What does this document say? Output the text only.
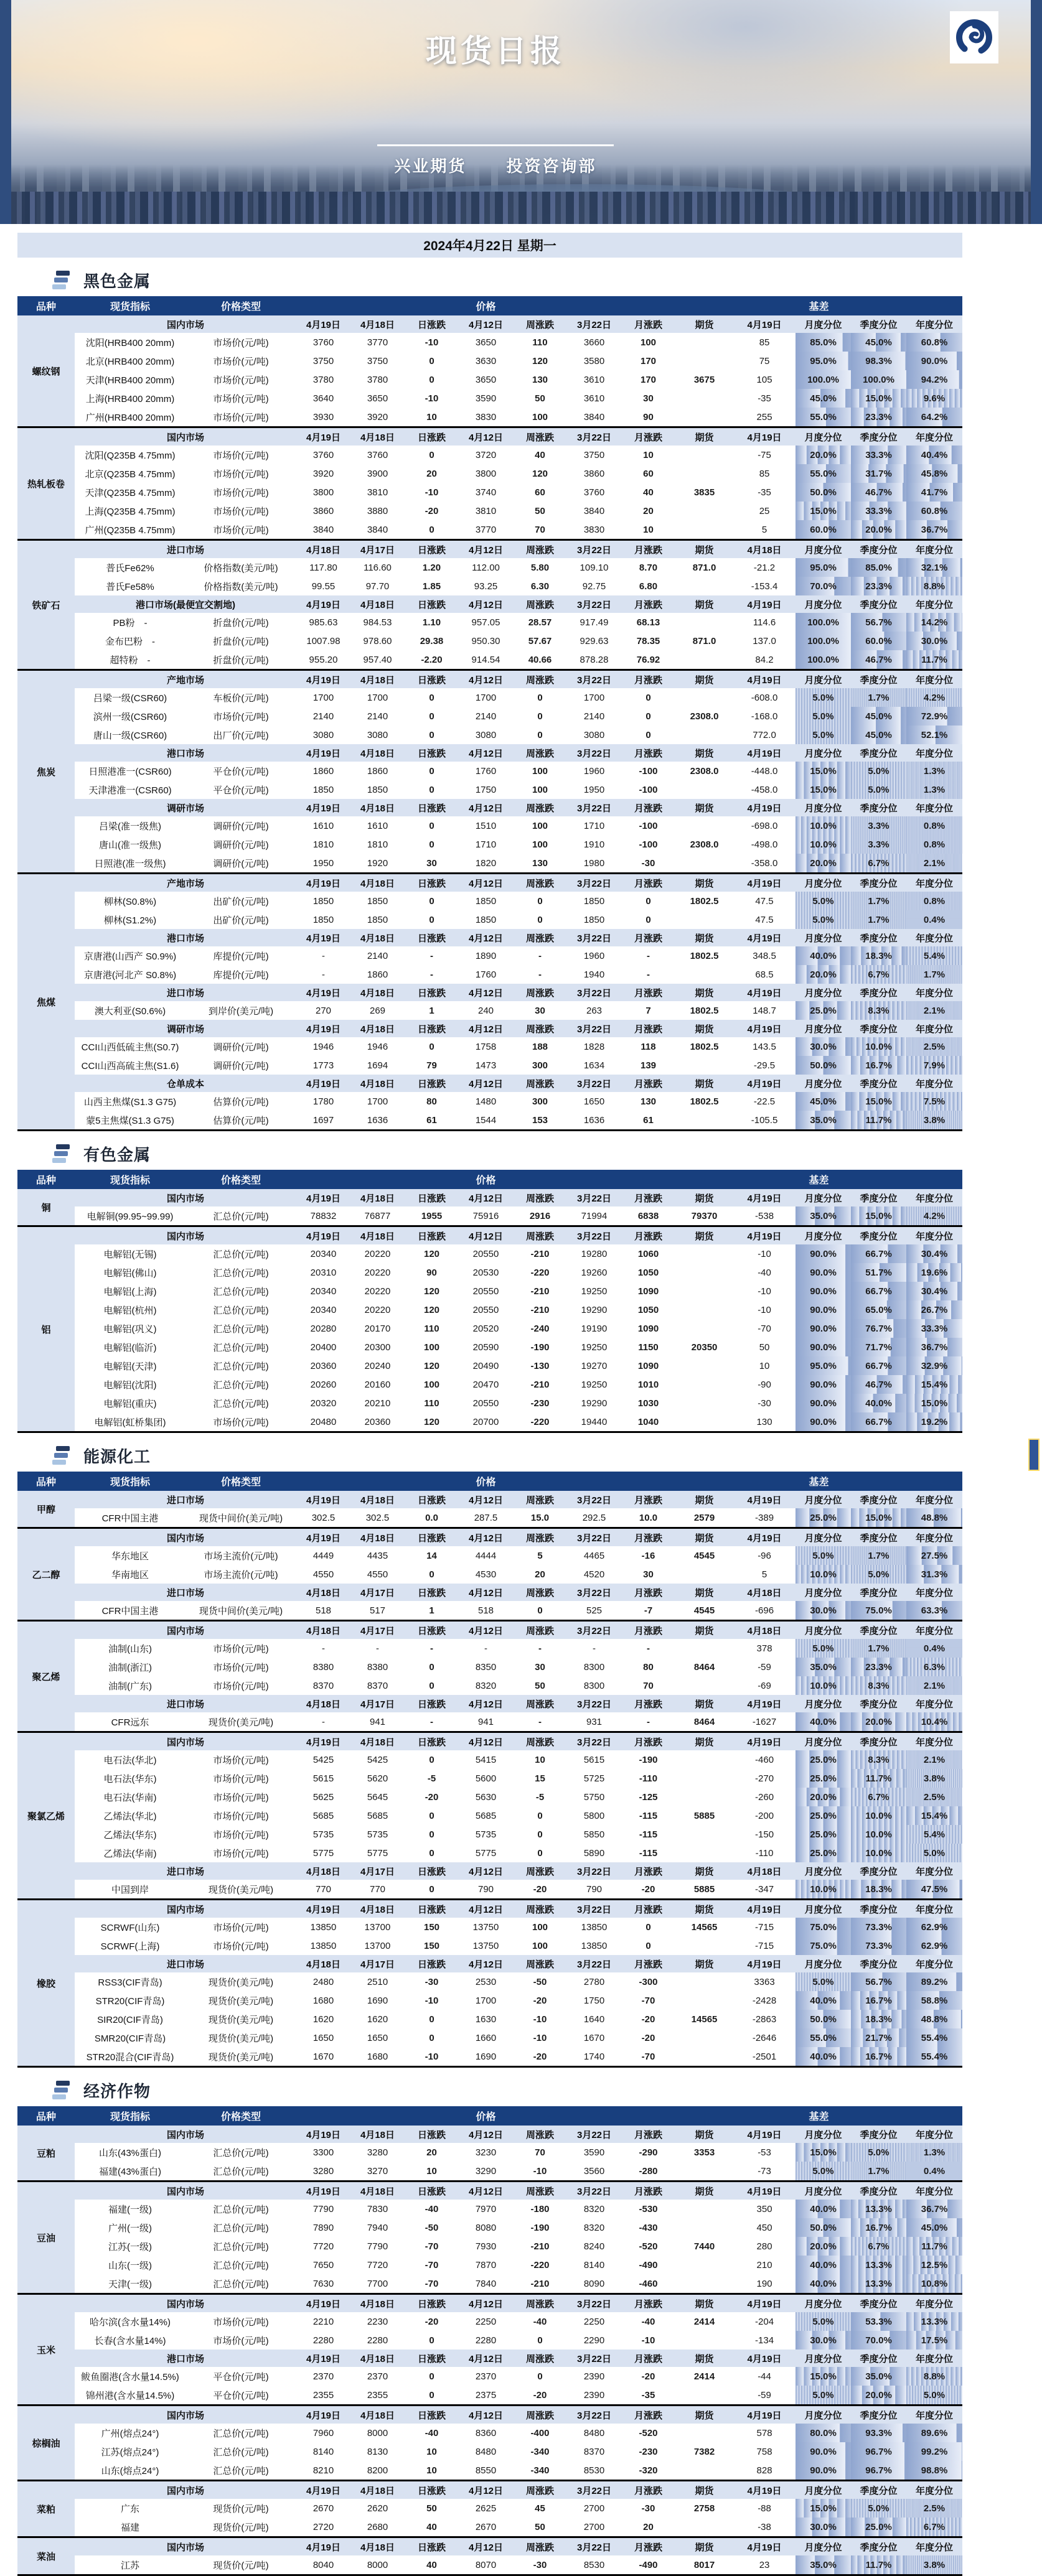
现货日报
兴业期货 投资咨询部
2024年4月22日 星期一
黑色金属
品种	现货指标	价格类型	价格							基差				
螺纹钢	国内市场		4月19日	4月18日	日涨跌	4月12日	周涨跌	3月22日	月涨跌	期货	4月19日	月度分位	季度分位	年度分位
	沈阳(HRB400 20mm)	市场价(元/吨)	3760	3770	-10	3650	110	3660	100		85	85.0%	45.0%	60.8%
	北京(HRB400 20mm)	市场价(元/吨)	3750	3750	0	3630	120	3580	170		75	95.0%	98.3%	90.0%
	天津(HRB400 20mm)	市场价(元/吨)	3780	3780	0	3650	130	3610	170	3675	105	100.0%	100.0%	94.2%
	上海(HRB400 20mm)	市场价(元/吨)	3640	3650	-10	3590	50	3610	30		-35	45.0%	15.0%	9.6%
	广州(HRB400 20mm)	市场价(元/吨)	3930	3920	10	3830	100	3840	90		255	55.0%	23.3%	64.2%
热轧板卷	国内市场		4月19日	4月18日	日涨跌	4月12日	周涨跌	3月22日	月涨跌	期货	4月19日	月度分位	季度分位	年度分位
	沈阳(Q235B 4.75mm)	市场价(元/吨)	3760	3760	0	3720	40	3750	10		-75	20.0%	33.3%	40.4%
	北京(Q235B 4.75mm)	市场价(元/吨)	3920	3900	20	3800	120	3860	60		85	55.0%	31.7%	45.8%
	天津(Q235B 4.75mm)	市场价(元/吨)	3800	3810	-10	3740	60	3760	40	3835	-35	50.0%	46.7%	41.7%
	上海(Q235B 4.75mm)	市场价(元/吨)	3860	3880	-20	3810	50	3840	20		25	15.0%	33.3%	60.8%
	广州(Q235B 4.75mm)	市场价(元/吨)	3840	3840	0	3770	70	3830	10		5	60.0%	20.0%	36.7%
铁矿石	进口市场		4月18日	4月17日	日涨跌	4月12日	周涨跌	3月22日	月涨跌	期货	4月18日	月度分位	季度分位	年度分位
	普氏Fe62%	价格指数(美元/吨)	117.80	116.60	1.20	112.00	5.80	109.10	8.70	871.0	-21.2	95.0%	85.0%	32.1%
	普氏Fe58%	价格指数(美元/吨)	99.55	97.70	1.85	93.25	6.30	92.75	6.80		-153.4	70.0%	23.3%	8.8%
	港口市场(最便宜交割地)		4月19日	4月18日	日涨跌	4月12日	周涨跌	3月22日	月涨跌	期货	4月19日	月度分位	季度分位	年度分位
	PB粉　-	折盘价(元/吨)	985.63	984.53	1.10	957.05	28.57	917.49	68.13		114.6	100.0%	56.7%	14.2%
	金布巴粉　-	折盘价(元/吨)	1007.98	978.60	29.38	950.30	57.67	929.63	78.35	871.0	137.0	100.0%	60.0%	30.0%
	超特粉　-	折盘价(元/吨)	955.20	957.40	-2.20	914.54	40.66	878.28	76.92		84.2	100.0%	46.7%	11.7%
焦炭	产地市场		4月19日	4月18日	日涨跌	4月12日	周涨跌	3月22日	月涨跌	期货	4月19日	月度分位	季度分位	年度分位
	吕梁一级(CSR60)	车板价(元/吨)	1700	1700	0	1700	0	1700	0		-608.0	5.0%	1.7%	4.2%
	滨州一级(CSR60)	市场价(元/吨)	2140	2140	0	2140	0	2140	0	2308.0	-168.0	5.0%	45.0%	72.9%
	唐山一级(CSR60)	出厂价(元/吨)	3080	3080	0	3080	0	3080	0		772.0	5.0%	45.0%	52.1%
	港口市场		4月19日	4月18日	日涨跌	4月12日	周涨跌	3月22日	月涨跌	期货	4月19日	月度分位	季度分位	年度分位
	日照港准一(CSR60)	平仓价(元/吨)	1860	1860	0	1760	100	1960	-100	2308.0	-448.0	15.0%	5.0%	1.3%
	天津港准一(CSR60)	平仓价(元/吨)	1850	1850	0	1750	100	1950	-100		-458.0	15.0%	5.0%	1.3%
	调研市场		4月19日	4月18日	日涨跌	4月12日	周涨跌	3月22日	月涨跌	期货	4月19日	月度分位	季度分位	年度分位
	吕梁(准一级焦)	调研价(元/吨)	1610	1610	0	1510	100	1710	-100		-698.0	10.0%	3.3%	0.8%
	唐山(准一级焦)	调研价(元/吨)	1810	1810	0	1710	100	1910	-100	2308.0	-498.0	10.0%	3.3%	0.8%
	日照港(准一级焦)	调研价(元/吨)	1950	1920	30	1820	130	1980	-30		-358.0	20.0%	6.7%	2.1%
焦煤	产地市场		4月19日	4月18日	日涨跌	4月12日	周涨跌	3月22日	月涨跌	期货	4月19日	月度分位	季度分位	年度分位
	柳林(S0.8%)	出矿价(元/吨)	1850	1850	0	1850	0	1850	0	1802.5	47.5	5.0%	1.7%	0.8%
	柳林(S1.2%)	出矿价(元/吨)	1850	1850	0	1850	0	1850	0		47.5	5.0%	1.7%	0.4%
	港口市场		4月19日	4月18日	日涨跌	4月12日	周涨跌	3月22日	月涨跌	期货	4月19日	月度分位	季度分位	年度分位
	京唐港(山西产 S0.9%)	库提价(元/吨)	-	2140	-	1890	-	1960	-	1802.5	348.5	40.0%	18.3%	5.4%
	京唐港(河北产 S0.8%)	库提价(元/吨)	-	1860	-	1760	-	1940	-		68.5	20.0%	6.7%	1.7%
	进口市场		4月19日	4月18日	日涨跌	4月12日	周涨跌	3月22日	月涨跌	期货	4月19日	月度分位	季度分位	年度分位
	澳大利亚(S0.6%)	到岸价(美元/吨)	270	269	1	240	30	263	7	1802.5	148.7	25.0%	8.3%	2.1%
	调研市场		4月19日	4月18日	日涨跌	4月12日	周涨跌	3月22日	月涨跌	期货	4月19日	月度分位	季度分位	年度分位
	CCI山西低硫主焦(S0.7)	调研价(元/吨)	1946	1946	0	1758	188	1828	118	1802.5	143.5	30.0%	10.0%	2.5%
	CCI山西高硫主焦(S1.6)	调研价(元/吨)	1773	1694	79	1473	300	1634	139		-29.5	50.0%	16.7%	7.9%
	仓单成本		4月19日	4月18日	日涨跌	4月12日	周涨跌	3月22日	月涨跌	期货	4月19日	月度分位	季度分位	年度分位
	山西主焦煤(S1.3 G75)	估算价(元/吨)	1780	1700	80	1480	300	1650	130	1802.5	-22.5	45.0%	15.0%	7.5%
	蒙5主焦煤(S1.3 G75)	估算价(元/吨)	1697	1636	61	1544	153	1636	61		-105.5	35.0%	11.7%	3.8%
有色金属
品种	现货指标	价格类型	价格							基差				
铜	国内市场		4月19日	4月18日	日涨跌	4月12日	周涨跌	3月22日	月涨跌	期货	4月19日	月度分位	季度分位	年度分位
	电解铜(99.95~99.99)	汇总价(元/吨)	78832	76877	1955	75916	2916	71994	6838	79370	-538	35.0%	15.0%	4.2%
铝	国内市场		4月19日	4月18日	日涨跌	4月12日	周涨跌	3月22日	月涨跌	期货	4月19日	月度分位	季度分位	年度分位
	电解铝(无锡)	汇总价(元/吨)	20340	20220	120	20550	-210	19280	1060		-10	90.0%	66.7%	30.4%
	电解铝(佛山)	汇总价(元/吨)	20310	20220	90	20530	-220	19260	1050		-40	90.0%	51.7%	19.6%
	电解铝(上海)	汇总价(元/吨)	20340	20220	120	20550	-210	19250	1090		-10	90.0%	66.7%	30.4%
	电解铝(杭州)	汇总价(元/吨)	20340	20220	120	20550	-210	19290	1050		-10	90.0%	65.0%	26.7%
	电解铝(巩义)	汇总价(元/吨)	20280	20170	110	20520	-240	19190	1090		-70	90.0%	76.7%	33.3%
	电解铝(临沂)	汇总价(元/吨)	20400	20300	100	20590	-190	19250	1150	20350	50	90.0%	71.7%	36.7%
	电解铝(天津)	汇总价(元/吨)	20360	20240	120	20490	-130	19270	1090		10	95.0%	66.7%	32.9%
	电解铝(沈阳)	汇总价(元/吨)	20260	20160	100	20470	-210	19250	1010		-90	90.0%	46.7%	15.4%
	电解铝(重庆)	汇总价(元/吨)	20320	20210	110	20550	-230	19290	1030		-30	90.0%	40.0%	15.0%
	电解铝(虹桥集团)	市场价(元/吨)	20480	20360	120	20700	-220	19440	1040		130	90.0%	66.7%	19.2%
能源化工
品种	现货指标	价格类型	价格							基差				
甲醇	进口市场		4月19日	4月18日	日涨跌	4月12日	周涨跌	3月22日	月涨跌	期货	4月19日	月度分位	季度分位	年度分位
	CFR中国主港	现货中间价(美元/吨)	302.5	302.5	0.0	287.5	15.0	292.5	10.0	2579	-389	25.0%	15.0%	48.8%
乙二醇	国内市场		4月19日	4月18日	日涨跌	4月12日	周涨跌	3月22日	月涨跌	期货	4月19日	月度分位	季度分位	年度分位
	华东地区	市场主流价(元/吨)	4449	4435	14	4444	5	4465	-16	4545	-96	5.0%	1.7%	27.5%
	华南地区	市场主流价(元/吨)	4550	4550	0	4530	20	4520	30		5	10.0%	5.0%	31.3%
	进口市场		4月18日	4月17日	日涨跌	4月12日	周涨跌	3月22日	月涨跌	期货	4月18日	月度分位	季度分位	年度分位
	CFR中国主港	现货中间价(美元/吨)	518	517	1	518	0	525	-7	4545	-696	30.0%	75.0%	63.3%
聚乙烯	国内市场		4月18日	4月17日	日涨跌	4月12日	周涨跌	3月22日	月涨跌	期货	4月18日	月度分位	季度分位	年度分位
	油制(山东)	市场价(元/吨)	-	-	-	-	-	-	-		378	5.0%	1.7%	0.4%
	油制(浙江)	市场价(元/吨)	8380	8380	0	8350	30	8300	80	8464	-59	35.0%	23.3%	6.3%
	油制(广东)	市场价(元/吨)	8370	8370	0	8320	50	8300	70		-69	10.0%	8.3%	2.1%
	进口市场		4月18日	4月17日	日涨跌	4月12日	周涨跌	3月22日	月涨跌	期货	4月19日	月度分位	季度分位	年度分位
	CFR远东	现货价(美元/吨)	-	941	-	941	-	931	-	8464	-1627	40.0%	20.0%	10.4%
聚氯乙烯	国内市场		4月19日	4月18日	日涨跌	4月12日	周涨跌	3月22日	月涨跌	期货	4月19日	月度分位	季度分位	年度分位
	电石法(华北)	市场价(元/吨)	5425	5425	0	5415	10	5615	-190		-460	25.0%	8.3%	2.1%
	电石法(华东)	市场价(元/吨)	5615	5620	-5	5600	15	5725	-110		-270	25.0%	11.7%	3.8%
	电石法(华南)	市场价(元/吨)	5625	5645	-20	5630	-5	5750	-125		-260	20.0%	6.7%	2.5%
	乙烯法(华北)	市场价(元/吨)	5685	5685	0	5685	0	5800	-115	5885	-200	25.0%	10.0%	15.4%
	乙烯法(华东)	市场价(元/吨)	5735	5735	0	5735	0	5850	-115		-150	25.0%	10.0%	5.4%
	乙烯法(华南)	市场价(元/吨)	5775	5775	0	5775	0	5890	-115		-110	25.0%	10.0%	5.0%
	进口市场		4月18日	4月17日	日涨跌	4月12日	周涨跌	3月22日	月涨跌	期货	4月18日	月度分位	季度分位	年度分位
	中国到岸	现货价(美元/吨)	770	770	0	790	-20	790	-20	5885	-347	10.0%	18.3%	47.5%
橡胶	国内市场		4月19日	4月18日	日涨跌	4月12日	周涨跌	3月22日	月涨跌	期货	4月19日	月度分位	季度分位	年度分位
	SCRWF(山东)	市场价(元/吨)	13850	13700	150	13750	100	13850	0	14565	-715	75.0%	73.3%	62.9%
	SCRWF(上海)	市场价(元/吨)	13850	13700	150	13750	100	13850	0		-715	75.0%	73.3%	62.9%
	进口市场		4月18日	4月17日	日涨跌	4月12日	周涨跌	3月22日	月涨跌	期货	4月19日	月度分位	季度分位	年度分位
	RSS3(CIF青岛)	现货价(美元/吨)	2480	2510	-30	2530	-50	2780	-300		3363	5.0%	56.7%	89.2%
	STR20(CIF青岛)	现货价(美元/吨)	1680	1690	-10	1700	-20	1750	-70		-2428	40.0%	16.7%	58.8%
	SIR20(CIF青岛)	现货价(美元/吨)	1620	1620	0	1630	-10	1640	-20	14565	-2863	50.0%	18.3%	48.8%
	SMR20(CIF青岛)	现货价(美元/吨)	1650	1650	0	1660	-10	1670	-20		-2646	55.0%	21.7%	55.4%
	STR20混合(CIF青岛)	现货价(美元/吨)	1670	1680	-10	1690	-20	1740	-70		-2501	40.0%	16.7%	55.4%
经济作物
品种	现货指标	价格类型	价格							基差				
豆粕	国内市场		4月19日	4月18日	日涨跌	4月12日	周涨跌	3月22日	月涨跌	期货	4月19日	月度分位	季度分位	年度分位
	山东(43%蛋白)	汇总价(元/吨)	3300	3280	20	3230	70	3590	-290	3353	-53	15.0%	5.0%	1.3%
	福建(43%蛋白)	汇总价(元/吨)	3280	3270	10	3290	-10	3560	-280		-73	5.0%	1.7%	0.4%
豆油	国内市场		4月19日	4月18日	日涨跌	4月12日	周涨跌	3月22日	月涨跌	期货	4月19日	月度分位	季度分位	年度分位
	福建(一级)	汇总价(元/吨)	7790	7830	-40	7970	-180	8320	-530		350	40.0%	13.3%	36.7%
	广州(一级)	汇总价(元/吨)	7890	7940	-50	8080	-190	8320	-430		450	50.0%	16.7%	45.0%
	江苏(一级)	汇总价(元/吨)	7720	7790	-70	7930	-210	8240	-520	7440	280	20.0%	6.7%	11.7%
	山东(一级)	汇总价(元/吨)	7650	7720	-70	7870	-220	8140	-490		210	40.0%	13.3%	12.5%
	天津(一级)	汇总价(元/吨)	7630	7700	-70	7840	-210	8090	-460		190	40.0%	13.3%	10.8%
玉米	国内市场		4月19日	4月18日	日涨跌	4月12日	周涨跌	3月22日	月涨跌	期货	4月19日	月度分位	季度分位	年度分位
	哈尔滨(含水量14%)	市场价(元/吨)	2210	2230	-20	2250	-40	2250	-40	2414	-204	5.0%	53.3%	13.3%
	长春(含水量14%)	市场价(元/吨)	2280	2280	0	2280	0	2290	-10		-134	30.0%	70.0%	17.5%
	港口市场		4月19日	4月18日	日涨跌	4月12日	周涨跌	3月22日	月涨跌	期货	4月19日	月度分位	季度分位	年度分位
	鲅鱼圈港(含水量14.5%)	平仓价(元/吨)	2370	2370	0	2370	0	2390	-20	2414	-44	15.0%	35.0%	8.8%
	锦州港(含水量14.5%)	平仓价(元/吨)	2355	2355	0	2375	-20	2390	-35		-59	5.0%	20.0%	5.0%
棕榈油	国内市场		4月19日	4月18日	日涨跌	4月12日	周涨跌	3月22日	月涨跌	期货	4月19日	月度分位	季度分位	年度分位
	广州(熔点24°)	汇总价(元/吨)	7960	8000	-40	8360	-400	8480	-520		578	80.0%	93.3%	89.6%
	江苏(熔点24°)	汇总价(元/吨)	8140	8130	10	8480	-340	8370	-230	7382	758	90.0%	96.7%	99.2%
	山东(熔点24°)	汇总价(元/吨)	8210	8200	10	8550	-340	8530	-320		828	90.0%	96.7%	98.8%
菜粕	国内市场		4月19日	4月18日	日涨跌	4月12日	周涨跌	3月22日	月涨跌	期货	4月19日	月度分位	季度分位	年度分位
	广东	现货价(元/吨)	2670	2620	50	2625	45	2700	-30	2758	-88	15.0%	5.0%	2.5%
	福建	现货价(元/吨)	2720	2680	40	2670	50	2700	20		-38	30.0%	25.0%	6.7%
菜油	国内市场		4月19日	4月18日	日涨跌	4月12日	周涨跌	3月22日	月涨跌	期货	4月19日	月度分位	季度分位	年度分位
	江苏	现货价(元/吨)	8040	8000	40	8070	-30	8530	-490	8017	23	35.0%	11.7%	3.8%
